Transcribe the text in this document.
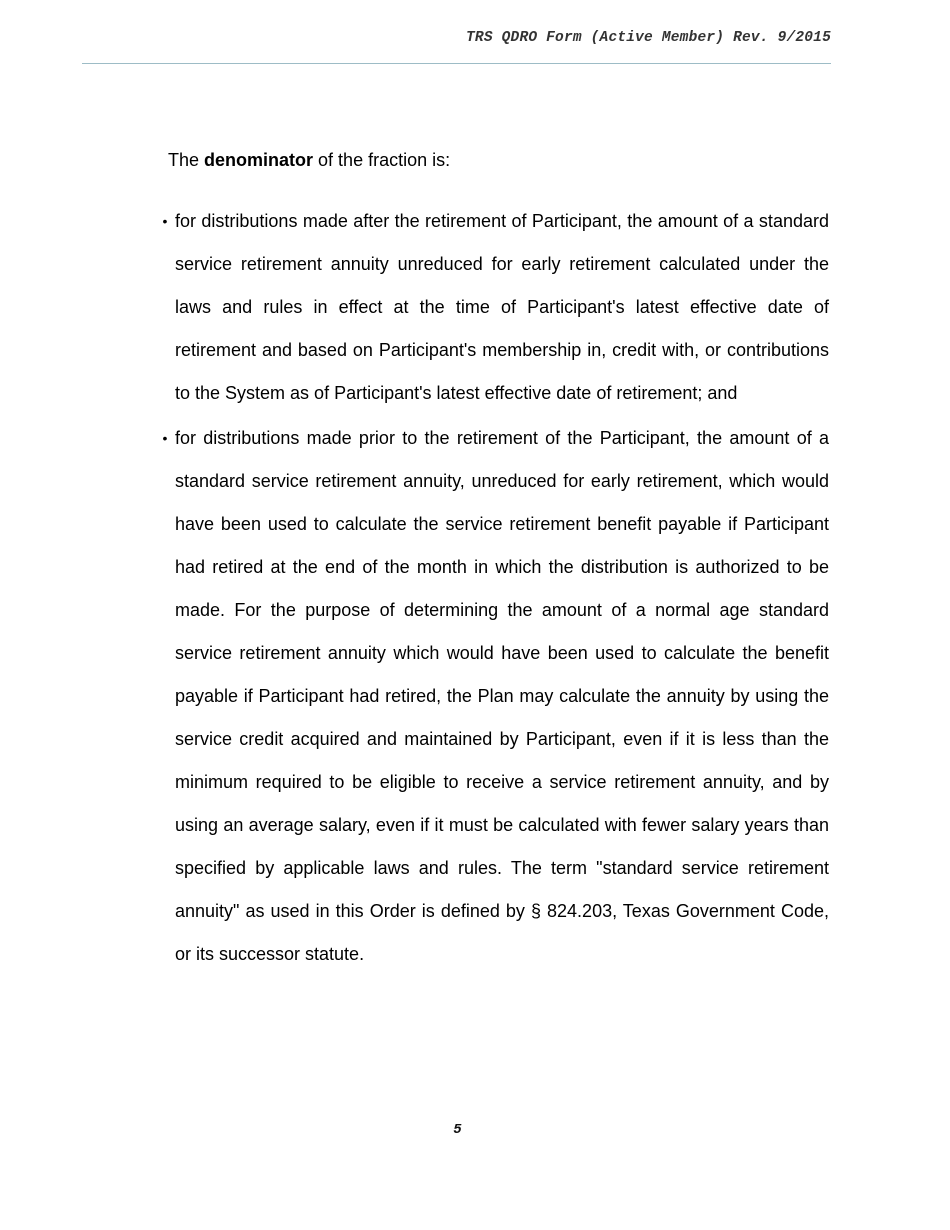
TRS QDRO Form (Active Member) Rev. 9/2015
The denominator of the fraction is:
• for distributions made after the retirement of Participant, the amount of a standard service retirement annuity unreduced for early retirement calculated under the laws and rules in effect at the time of Participant's latest effective date of retirement and based on Participant's membership in, credit with, or contributions to the System as of Participant's latest effective date of retirement; and
• for distributions made prior to the retirement of the Participant, the amount of a standard service retirement annuity, unreduced for early retirement, which would have been used to calculate the service retirement benefit payable if Participant had retired at the end of the month in which the distribution is authorized to be made. For the purpose of determining the amount of a normal age standard service retirement annuity which would have been used to calculate the benefit payable if Participant had retired, the Plan may calculate the annuity by using the service credit acquired and maintained by Participant, even if it is less than the minimum required to be eligible to receive a service retirement annuity, and by using an average salary, even if it must be calculated with fewer salary years than specified by applicable laws and rules. The term "standard service retirement annuity" as used in this Order is defined by § 824.203, Texas Government Code, or its successor statute.
5
